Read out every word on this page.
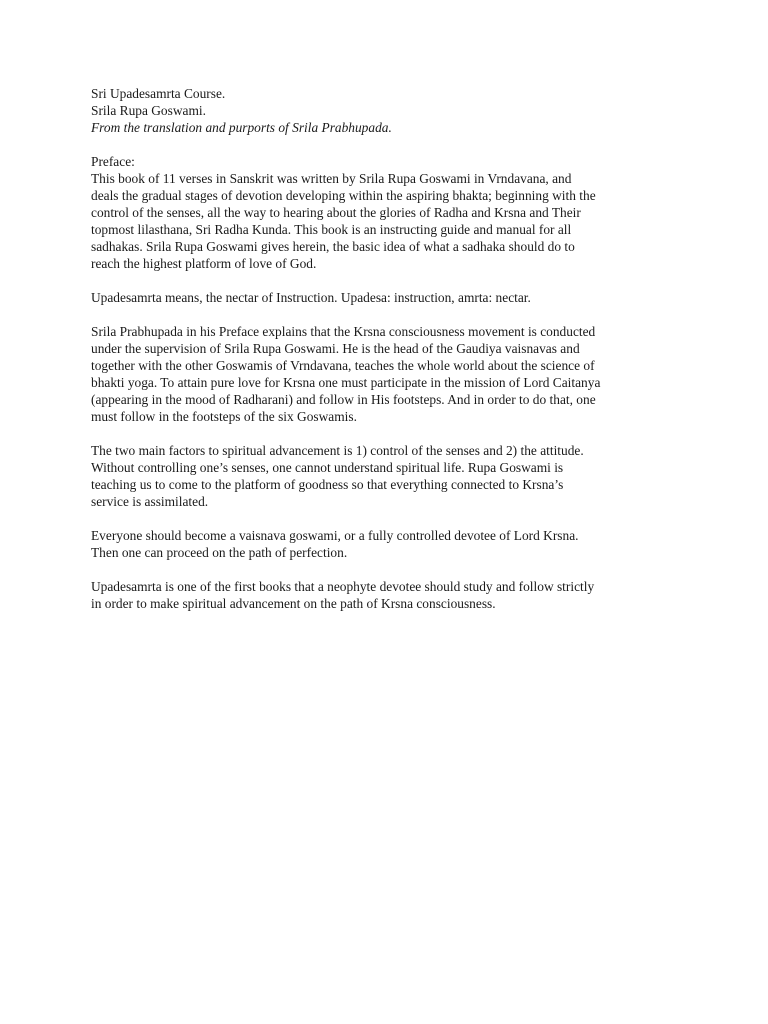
Sri Upadesamrta Course.
Srila Rupa Goswami.
From the translation and purports of Srila Prabhupada.
Preface:
This book of 11 verses in Sanskrit was written by Srila Rupa Goswami in Vrndavana, and
deals the gradual stages of devotion developing within the aspiring bhakta; beginning with the
control of the senses, all the way to hearing about the glories of Radha and Krsna and Their
topmost lilasthana, Sri Radha Kunda. This book is an instructing guide and manual for all
sadhakas. Srila Rupa Goswami gives herein, the basic idea of what a sadhaka should do to
reach the highest platform of love of God.
Upadesamrta means, the nectar of Instruction. Upadesa: instruction, amrta: nectar.
Srila Prabhupada in his Preface explains that the Krsna consciousness movement is conducted
under the supervision of Srila Rupa Goswami. He is the head of the Gaudiya vaisnavas and
together with the other Goswamis of Vrndavana, teaches the whole world about the science of
bhakti yoga. To attain pure love for Krsna one must participate in the mission of Lord Caitanya
(appearing in the mood of Radharani) and follow in His footsteps. And in order to do that, one
must follow in the footsteps of the six Goswamis.
The two main factors to spiritual advancement is 1) control of the senses and 2) the attitude.
Without controlling one’s senses, one cannot understand spiritual life. Rupa Goswami is
teaching us to come to the platform of goodness so that everything connected to Krsna’s
service is assimilated.
Everyone should become a vaisnava goswami, or a fully controlled devotee of Lord Krsna.
Then one can proceed on the path of perfection.
Upadesamrta is one of the first books that a neophyte devotee should study and follow strictly
in order to make spiritual advancement on the path of Krsna consciousness.
